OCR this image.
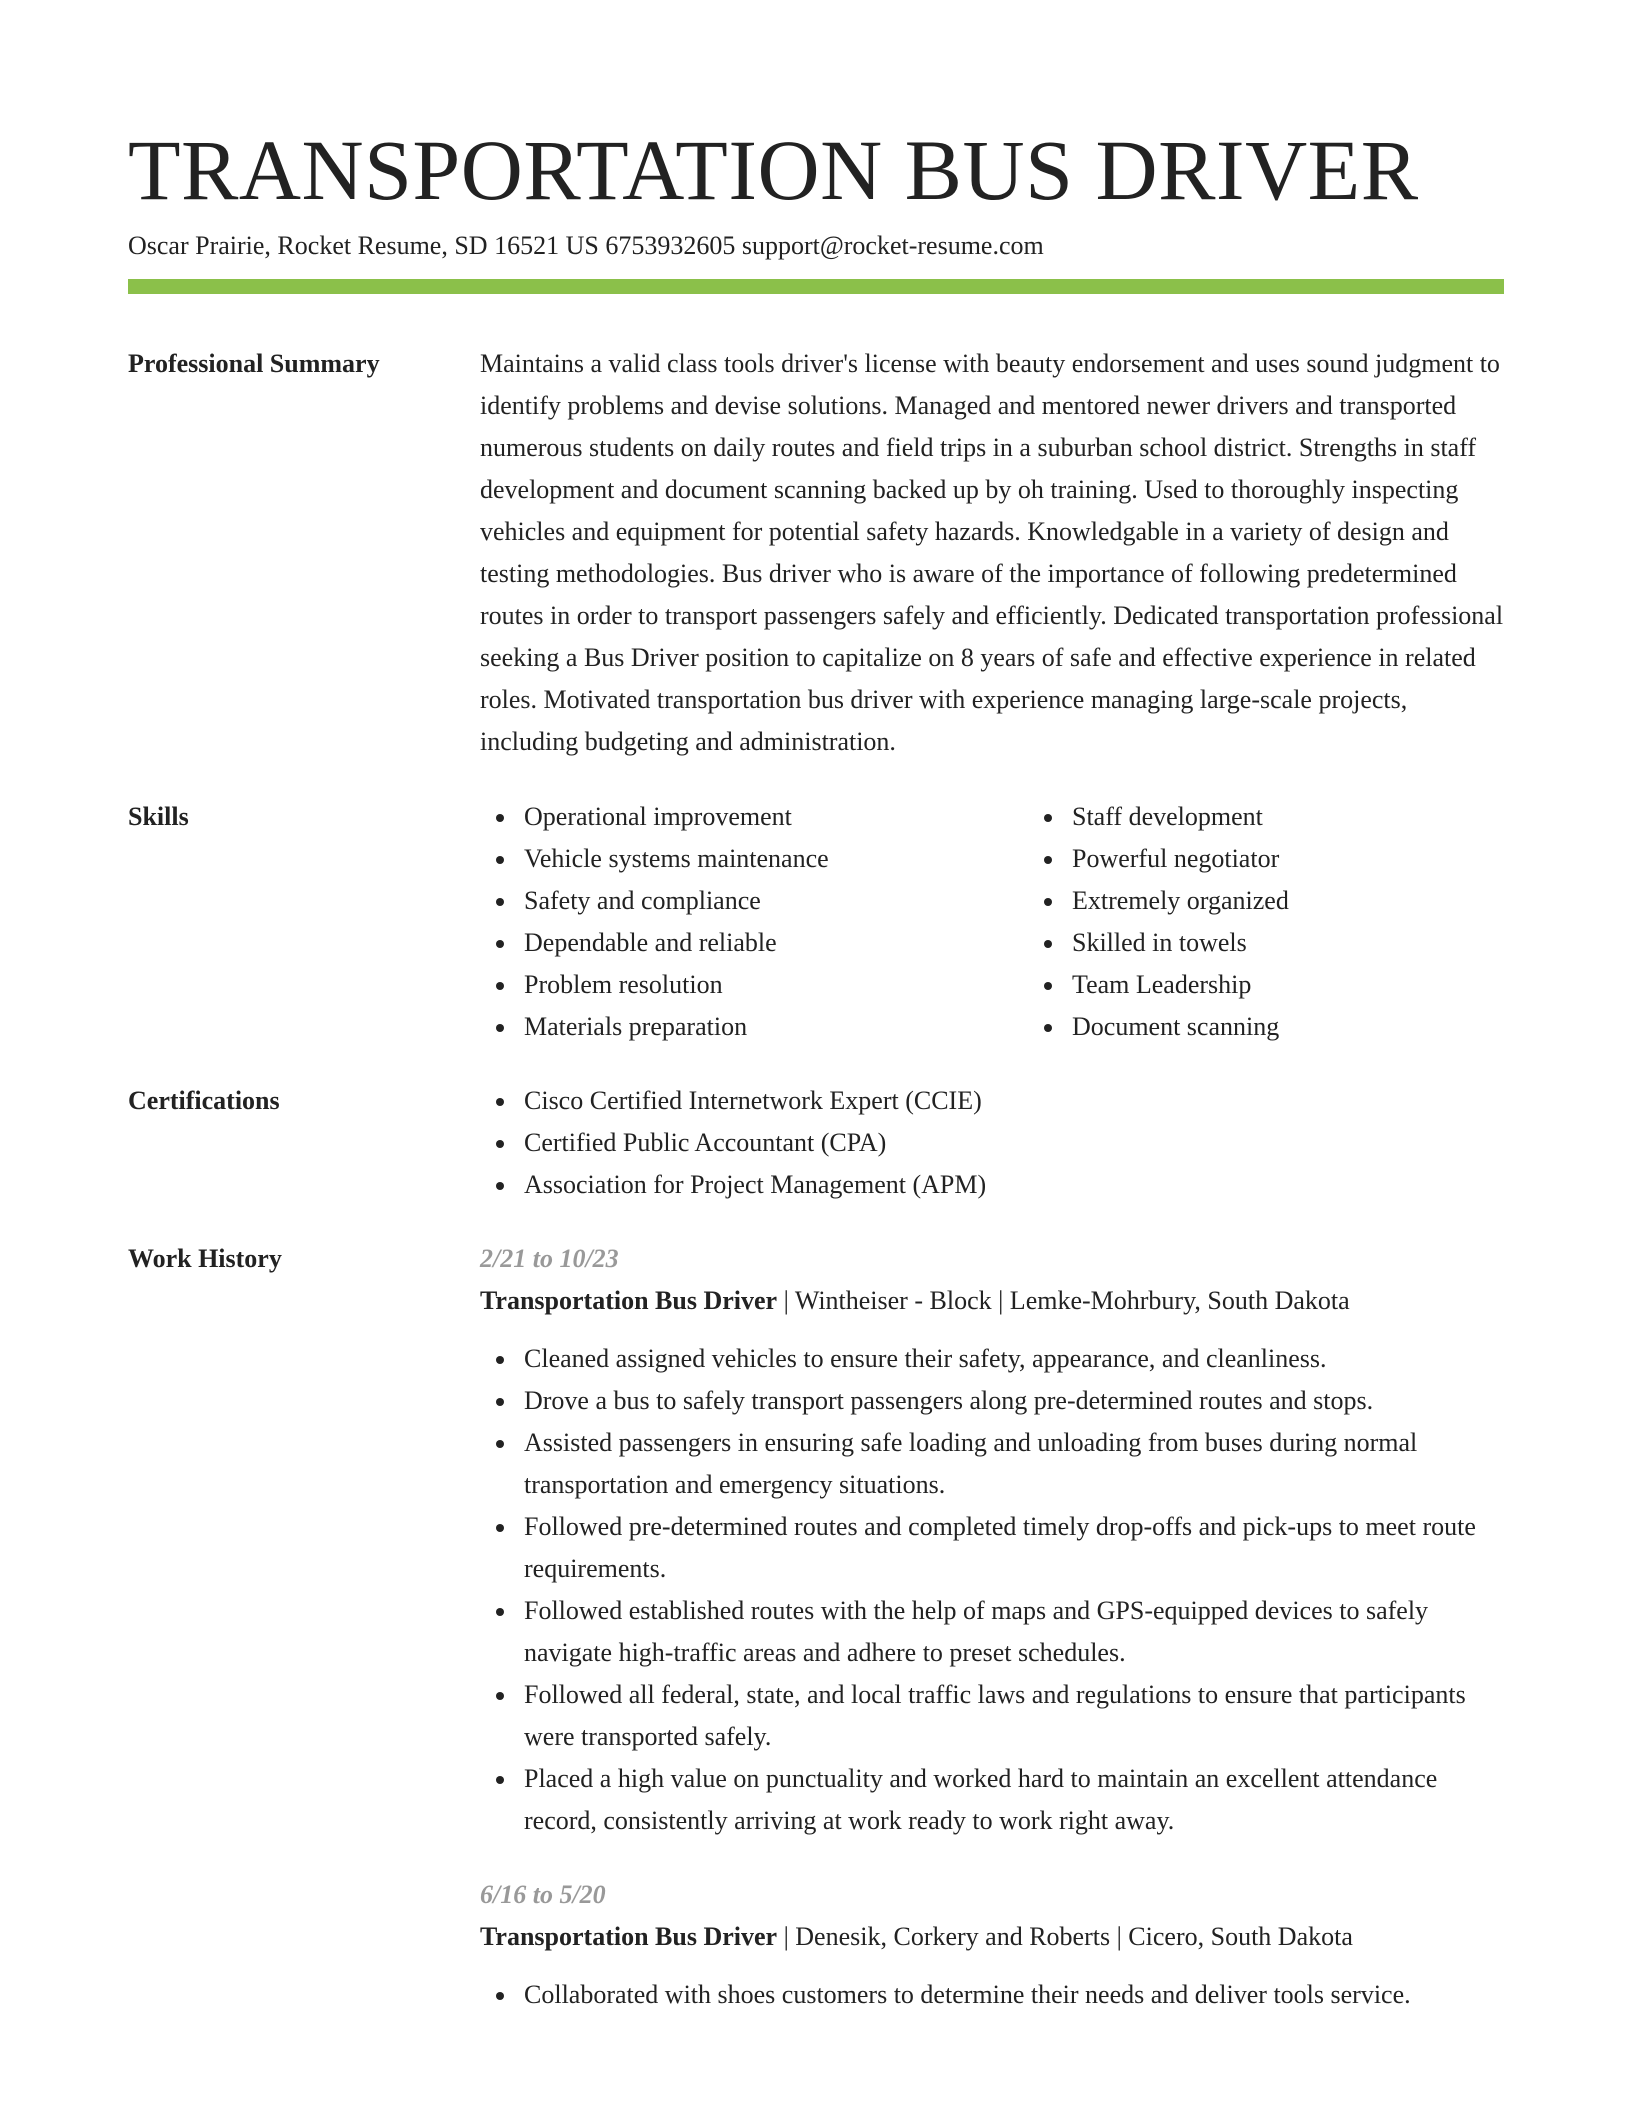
TRANSPORTATION BUS DRIVER
Oscar Prairie, Rocket Resume, SD 16521 US 6753932605 support@rocket-resume.com
Professional Summary	Maintains a valid class tools driver's license with beauty endorsement and uses sound judgment to identify problems and devise solutions. Managed and mentored newer drivers and transported numerous students on daily routes and field trips in a suburban school district. Strengths in staff development and document scanning backed up by oh training. Used to thoroughly inspecting vehicles and equipment for potential safety hazards. Knowledgable in a variety of design and testing methodologies. Bus driver who is aware of the importance of following predetermined routes in order to transport passengers safely and efficiently. Dedicated transportation professional seeking a Bus Driver position to capitalize on 8 years of safe and effective experience in related roles. Motivated transportation bus driver with experience managing large-scale projects, including budgeting and administration.
Skills	Operational improvement
Vehicle systems maintenance
Safety and compliance
Dependable and reliable
Problem resolution
Materials preparation
Staff development
Powerful negotiator
Extremely organized
Skilled in towels
Team Leadership
Document scanning
Certifications	Cisco Certified Internetwork Expert (CCIE)
Certified Public Accountant (CPA)
Association for Project Management (APM)
Work History	2/21 to 10/23
Transportation Bus Driver | Wintheiser - Block | Lemke-Mohrbury, South Dakota
Cleaned assigned vehicles to ensure their safety, appearance, and cleanliness.
Drove a bus to safely transport passengers along pre-determined routes and stops.
Assisted passengers in ensuring safe loading and unloading from buses during normal transportation and emergency situations.
Followed pre-determined routes and completed timely drop-offs and pick-ups to meet route requirements.
Followed established routes with the help of maps and GPS-equipped devices to safely navigate high-traffic areas and adhere to preset schedules.
Followed all federal, state, and local traffic laws and regulations to ensure that participants were transported safely.
Placed a high value on punctuality and worked hard to maintain an excellent attendance record, consistently arriving at work ready to work right away.
6/16 to 5/20
Transportation Bus Driver | Denesik, Corkery and Roberts | Cicero, South Dakota
Collaborated with shoes customers to determine their needs and deliver tools service.
